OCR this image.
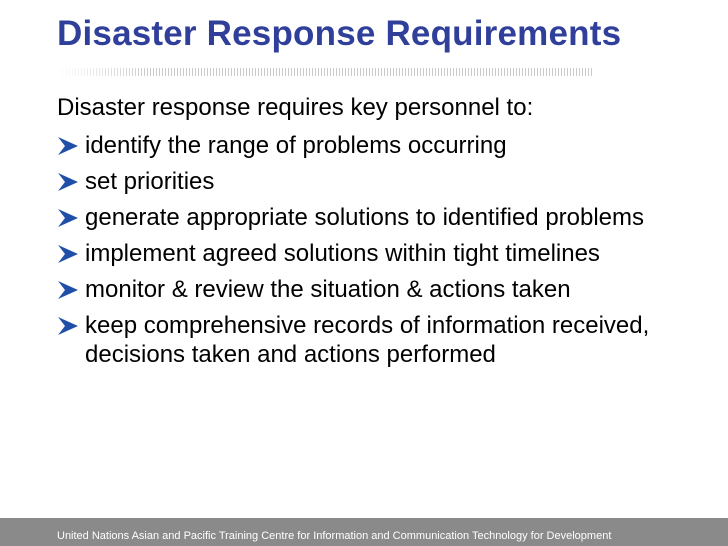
Disaster Response Requirements

Disaster response requires key personnel to:

identify the range of problems occurring
set priorities
generate appropriate solutions to identified problems
implement agreed solutions within tight timelines
monitor & review the situation & actions taken
keep comprehensive records of information received, decisions taken and actions performed
United Nations Asian and Pacific Training Centre for Information and Communication Technology for Development
